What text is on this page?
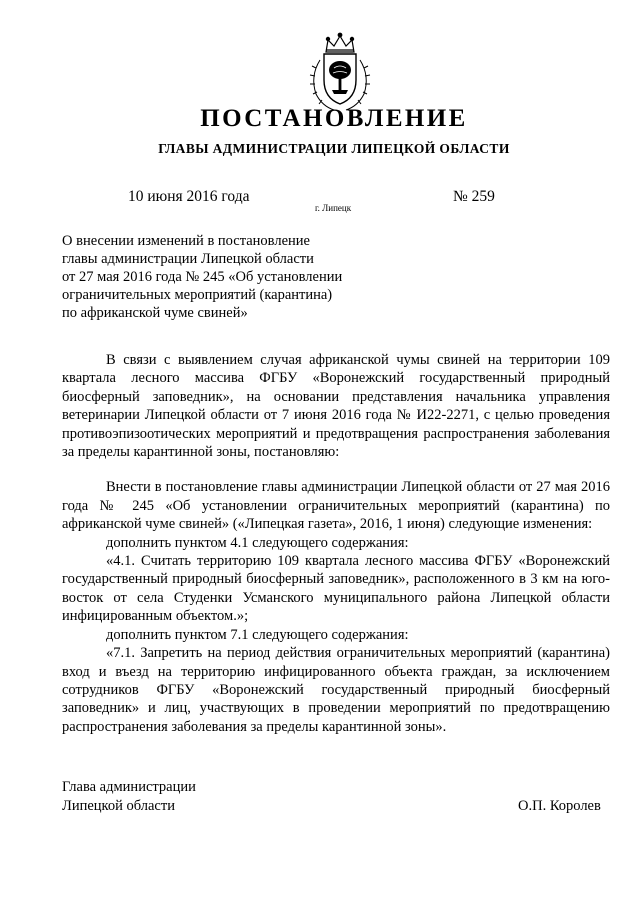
ПОСТАНОВЛЕНИЕ
ГЛАВЫ АДМИНИСТРАЦИИ ЛИПЕЦКОЙ ОБЛАСТИ
10 июня 2016 года
г. Липецк
№ 259
О внесении изменений в постановление
главы администрации Липецкой области
от 27 мая 2016 года № 245 «Об установлении
ограничительных мероприятий (карантина)
по африканской чуме свиней»

В связи с выявлением случая африканской чумы свиней на территории 109 квартала лесного массива ФГБУ «Воронежский государственный природный биосферный заповедник», на основании представления начальника управления ветеринарии Липецкой области от 7 июня 2016 года № И22-2271, с целью проведения противоэпизоотических мероприятий и предотвращения распространения заболевания за пределы карантинной зоны, постановляю:

Внести в постановление главы администрации Липецкой области от 27 мая 2016 года № 245 «Об установлении ограничительных мероприятий (карантина) по африканской чуме свиней» («Липецкая газета», 2016, 1 июня) следующие изменения:

дополнить пунктом 4.1 следующего содержания:

«4.1. Считать территорию 109 квартала лесного массива ФГБУ «Воронежский государственный природный биосферный заповедник», расположенного в 3 км на юго-восток от села Студенки Усманского муниципального района Липецкой области инфицированным объектом.»;

дополнить пунктом 7.1 следующего содержания:

«7.1. Запретить на период действия ограничительных мероприятий (карантина) вход и въезд на территорию инфицированного объекта граждан, за исключением сотрудников ФГБУ «Воронежский государственный природный биосферный заповедник» и лиц, участвующих в проведении мероприятий по предотвращению распространения заболевания за пределы карантинной зоны».

Глава администрации
Липецкой области	О.П. Королев
